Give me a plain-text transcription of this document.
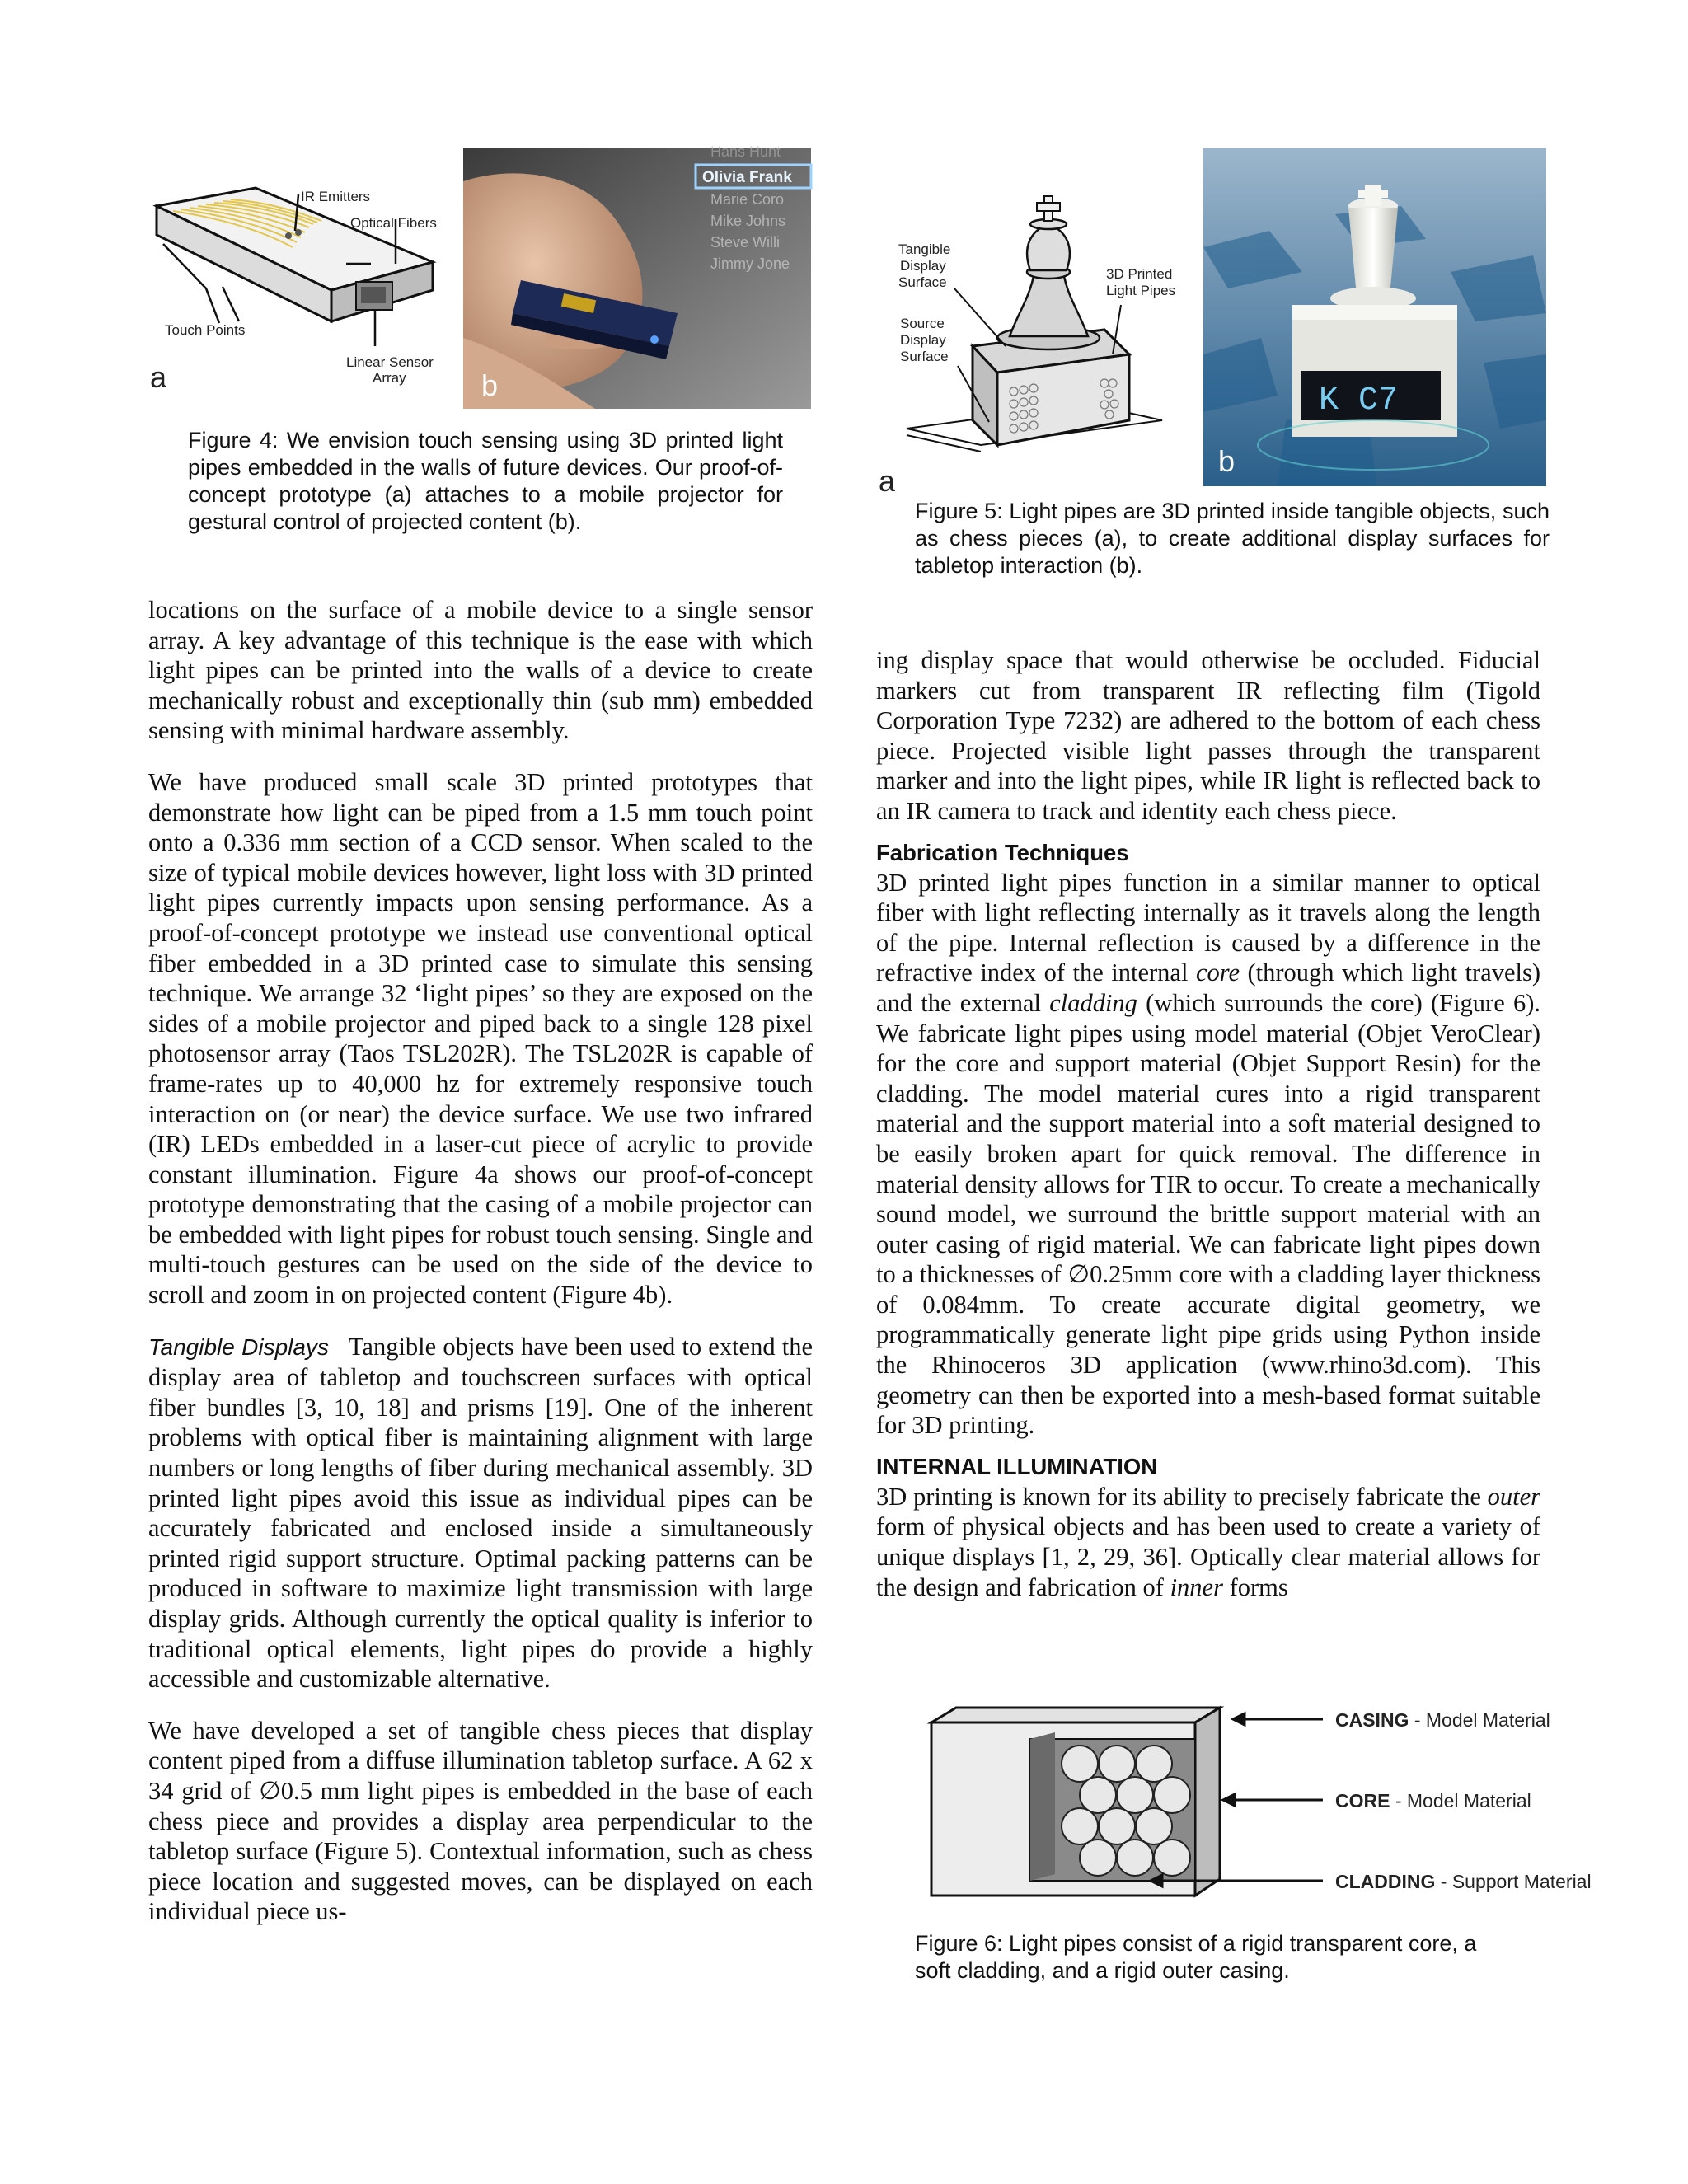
IR Emitters
Optical Fibers
Touch Points
Linear Sensor
Array
a
Hans Hunt
Olivia Frank
Marie Coro
Mike Johns
Steve Willi
Jimmy Jone
b

Figure 4: We envision touch sensing using 3D printed light pipes embedded in the walls of future devices. Our proof-of-concept prototype (a) attaches to a mobile projector for gestural control of projected content (b).

Tangible
Display
Surface
3D Printed
Light Pipes
Source
Display
Surface
a
K C7
b

Figure 5: Light pipes are 3D printed inside tangible objects, such as chess pieces (a), to create additional display surfaces for tabletop interaction (b).

locations on the surface of a mobile device to a single sensor array. A key advantage of this technique is the ease with which light pipes can be printed into the walls of a device to create mechanically robust and exceptionally thin (sub mm) embedded sensing with minimal hardware assembly.

We have produced small scale 3D printed prototypes that demonstrate how light can be piped from a 1.5 mm touch point onto a 0.336 mm section of a CCD sensor. When scaled to the size of typical mobile devices however, light loss with 3D printed light pipes currently impacts upon sensing performance. As a proof-of-concept prototype we instead use conventional optical fiber embedded in a 3D printed case to simulate this sensing technique. We arrange 32 ‘light pipes’ so they are exposed on the sides of a mobile projector and piped back to a single 128 pixel photosensor array (Taos TSL202R). The TSL202R is capable of frame-rates up to 40,000 hz for extremely responsive touch interaction on (or near) the device surface. We use two infrared (IR) LEDs embedded in a laser-cut piece of acrylic to provide constant illumination. Figure 4a shows our proof-of-concept prototype demonstrating that the casing of a mobile projector can be embedded with light pipes for robust touch sensing. Single and multi-touch gestures can be used on the side of the device to scroll and zoom in on projected content (Figure 4b).

Tangible Displays Tangible objects have been used to extend the display area of tabletop and touchscreen surfaces with optical fiber bundles [3, 10, 18] and prisms [19]. One of the inherent problems with optical fiber is maintaining alignment with large numbers or long lengths of fiber during mechanical assembly. 3D printed light pipes avoid this issue as individual pipes can be accurately fabricated and enclosed inside a simultaneously printed rigid support structure. Optimal packing patterns can be produced in software to maximize light transmission with large display grids. Although currently the optical quality is inferior to traditional optical elements, light pipes do provide a highly accessible and customizable alternative.

We have developed a set of tangible chess pieces that display content piped from a diffuse illumination tabletop surface. A 62 x 34 grid of ∅0.5 mm light pipes is embedded in the base of each chess piece and provides a display area perpendicular to the tabletop surface (Figure 5). Contextual information, such as chess piece location and suggested moves, can be displayed on each individual piece us-

ing display space that would otherwise be occluded. Fiducial markers cut from transparent IR reflecting film (Tigold Corporation Type 7232) are adhered to the bottom of each chess piece. Projected visible light passes through the transparent marker and into the light pipes, while IR light is reflected back to an IR camera to track and identity each chess piece.

Fabrication Techniques

3D printed light pipes function in a similar manner to optical fiber with light reflecting internally as it travels along the length of the pipe. Internal reflection is caused by a difference in the refractive index of the internal core (through which light travels) and the external cladding (which surrounds the core) (Figure 6). We fabricate light pipes using model material (Objet VeroClear) for the core and support material (Objet Support Resin) for the cladding. The model material cures into a rigid transparent material and the support material into a soft material designed to be easily broken apart for quick removal. The difference in material density allows for TIR to occur. To create a mechanically sound model, we surround the brittle support material with an outer casing of rigid material. We can fabricate light pipes down to a thicknesses of ∅0.25mm core with a cladding layer thickness of 0.084mm. To create accurate digital geometry, we programmatically generate light pipe grids using Python inside the Rhinoceros 3D application (www.rhino3d.com). This geometry can then be exported into a mesh-based format suitable for 3D printing.

INTERNAL ILLUMINATION

3D printing is known for its ability to precisely fabricate the outer form of physical objects and has been used to create a variety of unique displays [1, 2, 29, 36]. Optically clear material allows for the design and fabrication of inner forms

CASING - Model Material
CORE - Model Material
CLADDING - Support Material

Figure 6: Light pipes consist of a rigid transparent core, a soft cladding, and a rigid outer casing.
